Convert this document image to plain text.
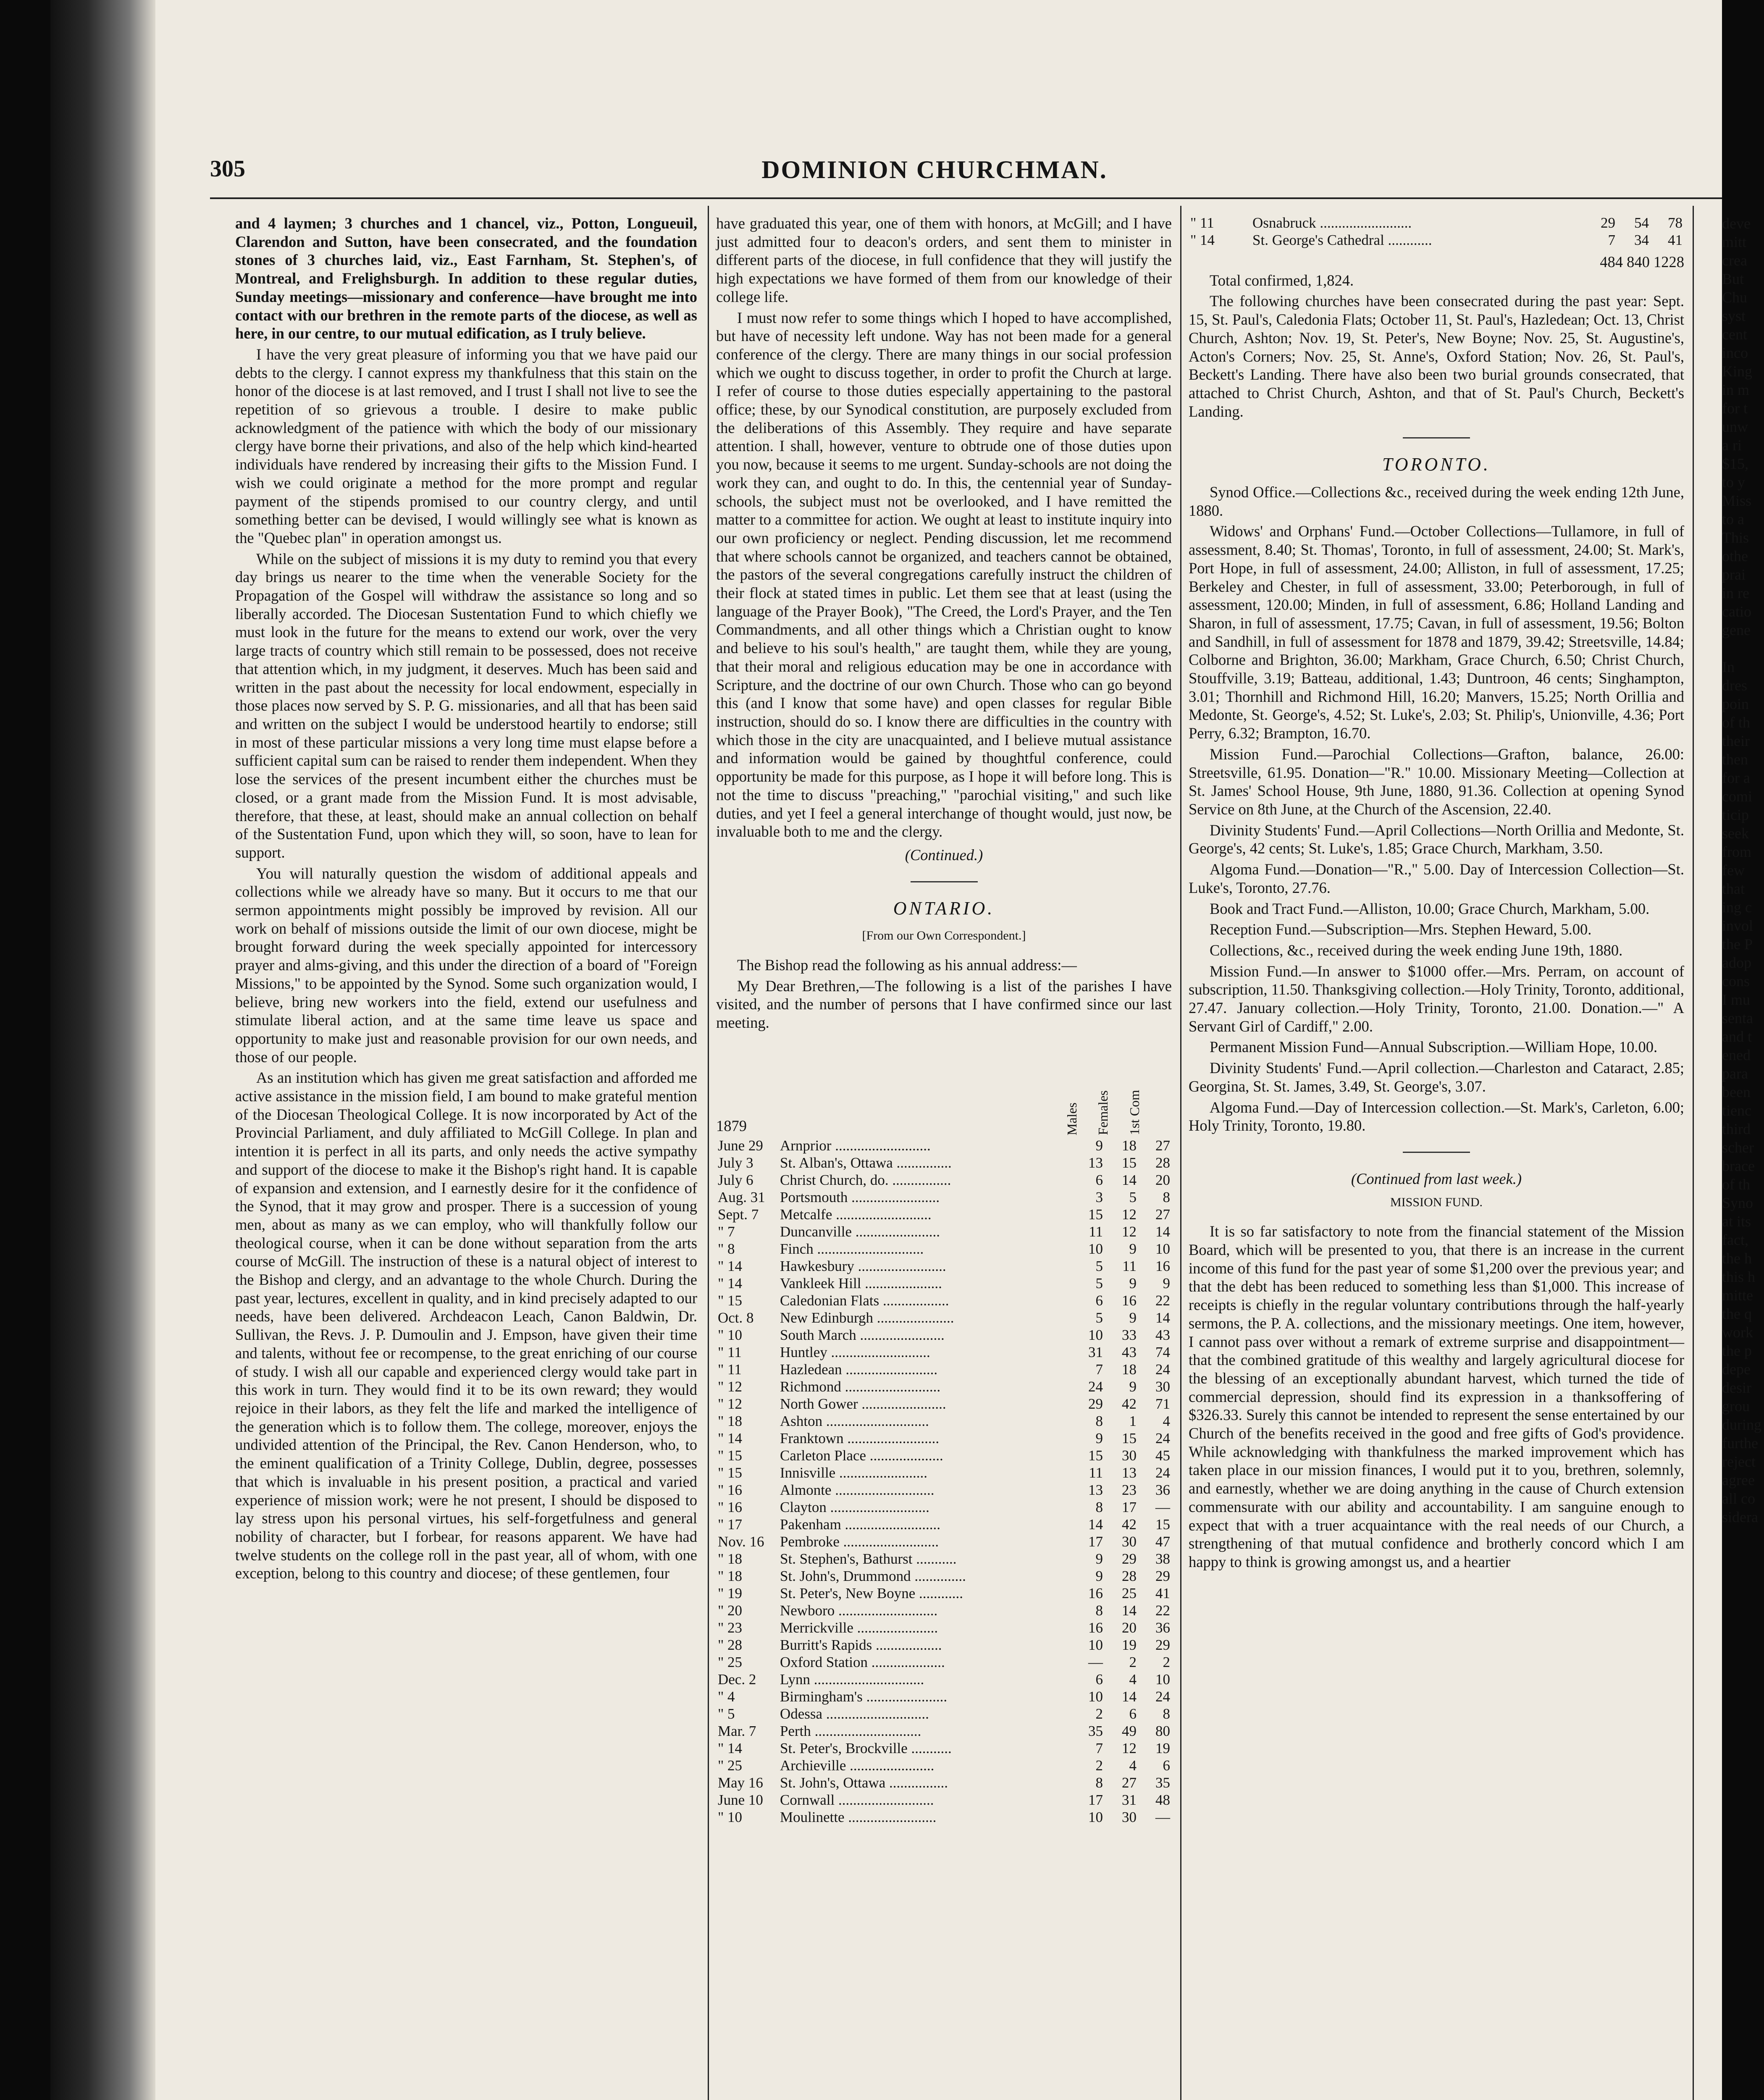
305	DOMINION CHURCHMAN.

and 4 laymen; 3 churches and 1 chancel, viz., Potton, Longueuil, Clarendon and Sutton, have been consecrated, and the foundation stones of 3 churches laid, viz., East Farnham, St. Stephen's, of Montreal, and Frelighsburgh. In addition to these regular duties, Sunday meetings—missionary and conference—have brought me into contact with our brethren in the remote parts of the diocese, as well as here, in our centre, to our mutual edification, as I truly believe.

I have the very great pleasure of informing you that we have paid our debts to the clergy. I cannot express my thankfulness that this stain on the honor of the diocese is at last removed, and I trust I shall not live to see the repetition of so grievous a trouble. I desire to make public acknowledgment of the patience with which the body of our missionary clergy have borne their privations, and also of the help which kind-hearted individuals have rendered by increasing their gifts to the Mission Fund. I wish we could originate a method for the more prompt and regular payment of the stipends promised to our country clergy, and until something better can be devised, I would willingly see what is known as the "Quebec plan" in operation amongst us.

While on the subject of missions it is my duty to remind you that every day brings us nearer to the time when the venerable Society for the Propagation of the Gospel will withdraw the assistance so long and so liberally accorded. The Diocesan Sustentation Fund to which chiefly we must look in the future for the means to extend our work, over the very large tracts of country which still remain to be possessed, does not receive that attention which, in my judgment, it deserves. Much has been said and written in the past about the necessity for local endowment, especially in those places now served by S. P. G. missionaries, and all that has been said and written on the subject I would be understood heartily to endorse; still in most of these particular missions a very long time must elapse before a sufficient capital sum can be raised to render them independent. When they lose the services of the present incumbent either the churches must be closed, or a grant made from the Mission Fund. It is most advisable, therefore, that these, at least, should make an annual collection on behalf of the Sustentation Fund, upon which they will, so soon, have to lean for support.

You will naturally question the wisdom of additional appeals and collections while we already have so many. But it occurs to me that our sermon appointments might possibly be improved by revision. All our work on behalf of missions outside the limit of our own diocese, might be brought forward during the week specially appointed for intercessory prayer and alms-giving, and this under the direction of a board of "Foreign Missions," to be appointed by the Synod. Some such organization would, I believe, bring new workers into the field, extend our usefulness and stimulate liberal action, and at the same time leave us space and opportunity to make just and reasonable provision for our own needs, and those of our people.

As an institution which has given me great satisfaction and afforded me active assistance in the mission field, I am bound to make grateful mention of the Diocesan Theological College. It is now incorporated by Act of the Provincial Parliament, and duly affiliated to McGill College. In plan and intention it is perfect in all its parts, and only needs the active sympathy and support of the diocese to make it the Bishop's right hand. It is capable of expansion and extension, and I earnestly desire for it the confidence of the Synod, that it may grow and prosper. There is a succession of young men, about as many as we can employ, who will thankfully follow our theological course, when it can be done without separation from the arts course of McGill. The instruction of these is a natural object of interest to the Bishop and clergy, and an advantage to the whole Church. During the past year, lectures, excellent in quality, and in kind precisely adapted to our needs, have been delivered. Archdeacon Leach, Canon Baldwin, Dr. Sullivan, the Revs. J. P. Dumoulin and J. Empson, have given their time and talents, without fee or recompense, to the great enriching of our course of study. I wish all our capable and experienced clergy would take part in this work in turn. They would find it to be its own reward; they would rejoice in their labors, as they felt the life and marked the intelligence of the generation which is to follow them. The college, moreover, enjoys the undivided attention of the Principal, the Rev. Canon Henderson, who, to the eminent qualification of a Trinity College, Dublin, degree, possesses that which is invaluable in his present position, a practical and varied experience of mission work; were he not present, I should be disposed to lay stress upon his personal virtues, his self-forgetfulness and general nobility of character, but I forbear, for reasons apparent. We have had twelve students on the college roll in the past year, all of whom, with one exception, belong to this country and diocese; of these gentlemen, four

have graduated this year, one of them with honors, at McGill; and I have just admitted four to deacon's orders, and sent them to minister in different parts of the diocese, in full confidence that they will justify the high expectations we have formed of them from our knowledge of their college life.

I must now refer to some things which I hoped to have accomplished, but have of necessity left undone. Way has not been made for a general conference of the clergy. There are many things in our social profession which we ought to discuss together, in order to profit the Church at large. I refer of course to those duties especially appertaining to the pastoral office; these, by our Synodical constitution, are purposely excluded from the deliberations of this Assembly. They require and have separate attention. I shall, however, venture to obtrude one of those duties upon you now, because it seems to me urgent. Sunday-schools are not doing the work they can, and ought to do. In this, the centennial year of Sunday-schools, the subject must not be overlooked, and I have remitted the matter to a committee for action. We ought at least to institute inquiry into our own proficiency or neglect. Pending discussion, let me recommend that where schools cannot be organized, and teachers cannot be obtained, the pastors of the several congregations carefully instruct the children of their flock at stated times in public. Let them see that at least (using the language of the Prayer Book), "The Creed, the Lord's Prayer, and the Ten Commandments, and all other things which a Christian ought to know and believe to his soul's health," are taught them, while they are young, that their moral and religious education may be one in accordance with Scripture, and the doctrine of our own Church. Those who can go beyond this (and I know that some have) and open classes for regular Bible instruction, should do so. I know there are difficulties in the country with which those in the city are unacquainted, and I believe mutual assistance and information would be gained by thoughtful conference, could opportunity be made for this purpose, as I hope it will before long. This is not the time to discuss "preaching," "parochial visiting," and such like duties, and yet I feel a general interchange of thought would, just now, be invaluable both to me and the clergy.

(Continued.)
ONTARIO.
[From our Own Correspondent.]

The Bishop read the following as his annual address:—

My Dear Brethren,—The following is a list of the parishes I have visited, and the number of persons that I have confirmed since our last meeting.

1879	Males Females 1st Com
June 29	Arnprior ..........................	9	18	27
July 3	St. Alban's, Ottawa ...............	13	15	28
July 6	Christ Church, do. ................	6	14	20
Aug. 31	Portsmouth ........................	3	5	8
Sept. 7	Metcalfe ..........................	15	12	27
" 7	Duncanville .......................	11	12	14
" 8	Finch .............................	10	9	10
" 14	Hawkesbury ........................	5	11	16
" 14	Vankleek Hill .....................	5	9	9
" 15	Caledonian Flats ..................	6	16	22
Oct. 8	New Edinburgh .....................	5	9	14
" 10	South March .......................	10	33	43
" 11	Huntley ...........................	31	43	74
" 11	Hazledean .........................	7	18	24
" 12	Richmond ..........................	24	9	30
" 12	North Gower .......................	29	42	71
" 18	Ashton ............................	8	1	4
" 14	Franktown .........................	9	15	24
" 15	Carleton Place ....................	15	30	45
" 15	Innisville ........................	11	13	24
" 16	Almonte ...........................	13	23	36
" 16	Clayton ...........................	8	17	—
" 17	Pakenham ..........................	14	42	15
Nov. 16	Pembroke ..........................	17	30	47
" 18	St. Stephen's, Bathurst ...........	9	29	38
" 18	St. John's, Drummond ..............	9	28	29
" 19	St. Peter's, New Boyne ............	16	25	41
" 20	Newboro ...........................	8	14	22
" 23	Merrickville ......................	16	20	36
" 28	Burritt's Rapids ..................	10	19	29
" 25	Oxford Station ....................	—	2	2
Dec. 2	Lynn ..............................	6	4	10
" 4	Birmingham's ......................	10	14	24
" 5	Odessa ............................	2	6	8
Mar. 7	Perth .............................	35	49	80
" 14	St. Peter's, Brockville ...........	7	12	19
" 25	Archieville .......................	2	4	6
May 16	St. John's, Ottawa ................	8	27	35
June 10	Cornwall ..........................	17	31	48
" 10	Moulinette ........................	10	30	—
" 11	Osnabruck .........................	29	54	78
" 14	St. George's Cathedral ............	7	34	41
484 840 1228

Total confirmed, 1,824.

The following churches have been consecrated during the past year: Sept. 15, St. Paul's, Caledonia Flats; October 11, St. Paul's, Hazledean; Oct. 13, Christ Church, Ashton; Nov. 19, St. Peter's, New Boyne; Nov. 25, St. Augustine's, Acton's Corners; Nov. 25, St. Anne's, Oxford Station; Nov. 26, St. Paul's, Beckett's Landing. There have also been two burial grounds consecrated, that attached to Christ Church, Ashton, and that of St. Paul's Church, Beckett's Landing.

TORONTO.

Synod Office.—Collections &c., received during the week ending 12th June, 1880.

Widows' and Orphans' Fund.—October Collections—Tullamore, in full of assessment, 8.40; St. Thomas', Toronto, in full of assessment, 24.00; St. Mark's, Port Hope, in full of assessment, 24.00; Alliston, in full of assessment, 17.25; Berkeley and Chester, in full of assessment, 33.00; Peterborough, in full of assessment, 120.00; Minden, in full of assessment, 6.86; Holland Landing and Sharon, in full of assessment, 17.75; Cavan, in full of assessment, 19.56; Bolton and Sandhill, in full of assessment for 1878 and 1879, 39.42; Streetsville, 14.84; Colborne and Brighton, 36.00; Markham, Grace Church, 6.50; Christ Church, Stouffville, 3.19; Batteau, additional, 1.43; Duntroon, 46 cents; Singhampton, 3.01; Thornhill and Richmond Hill, 16.20; Manvers, 15.25; North Orillia and Medonte, St. George's, 4.52; St. Luke's, 2.03; St. Philip's, Unionville, 4.36; Port Perry, 6.32; Brampton, 16.70.

Mission Fund.—Parochial Collections—Grafton, balance, 26.00: Streetsville, 61.95. Donation—"R." 10.00. Missionary Meeting—Collection at St. James' School House, 9th June, 1880, 91.36. Collection at opening Synod Service on 8th June, at the Church of the Ascension, 22.40.

Divinity Students' Fund.—April Collections—North Orillia and Medonte, St. George's, 42 cents; St. Luke's, 1.85; Grace Church, Markham, 3.50.

Algoma Fund.—Donation—"R.," 5.00. Day of Intercession Collection—St. Luke's, Toronto, 27.76.

Book and Tract Fund.—Alliston, 10.00; Grace Church, Markham, 5.00.

Reception Fund.—Subscription—Mrs. Stephen Heward, 5.00.

Collections, &c., received during the week ending June 19th, 1880.

Mission Fund.—In answer to $1000 offer.—Mrs. Perram, on account of subscription, 11.50. Thanksgiving collection.—Holy Trinity, Toronto, additional, 27.47. January collection.—Holy Trinity, Toronto, 21.00. Donation.—" A Servant Girl of Cardiff," 2.00.

Permanent Mission Fund—Annual Subscription.—William Hope, 10.00.

Divinity Students' Fund.—April collection.—Charleston and Cataract, 2.85; Georgina, St. St. James, 3.49, St. George's, 3.07.

Algoma Fund.—Day of Intercession collection.—St. Mark's, Carleton, 6.00; Holy Trinity, Toronto, 19.80.

(Continued from last week.)
MISSION FUND.

It is so far satisfactory to note from the financial statement of the Mission Board, which will be presented to you, that there is an increase in the current income of this fund for the past year of some $1,200 over the previous year; and that the debt has been reduced to something less than $1,000. This increase of receipts is chiefly in the regular voluntary contributions through the half-yearly sermons, the P. A. collections, and the missionary meetings. One item, however, I cannot pass over without a remark of extreme surprise and disappointment—that the combined gratitude of this wealthy and largely agricultural diocese for the blessing of an exceptionally abundant harvest, which turned the tide of commercial depression, should find its expression in a thanksoffering of $326.33. Surely this cannot be intended to represent the sense entertained by our Church of the benefits received in the good and free gifts of God's providence. While acknowledging with thankfulness the marked improvement which has taken place in our mission finances, I would put it to you, brethren, solemnly, and earnestly, whether we are doing anything in the cause of Church extension commensurate with our ability and accountability. I am sanguine enough to expect that with a truer acquaintance with the real needs of our Church, a strengthening of that mutual confidence and brotherly concord which I am happy to think is growing amongst us, and a heartier

deve
mitt
crea
But
Chu
syst
cent
inco
King
in m
for t
unw
a ri
$15,
to y
Miss
to a
This
othe
prai
in re
catio
gene

In
dres
poin
of th
their
then
for a
comi
ticip
seek
from
few
that
ing c
invol
the P
adop
cons
I mu
senta
and t
ened
para
been
tienc
third
scher
brace
of th
Syno
at its
fact,
the h
this h
mitte
the q
work
the p
depe
desir
grou
during
furthe
reject
agree
all co
sidera
